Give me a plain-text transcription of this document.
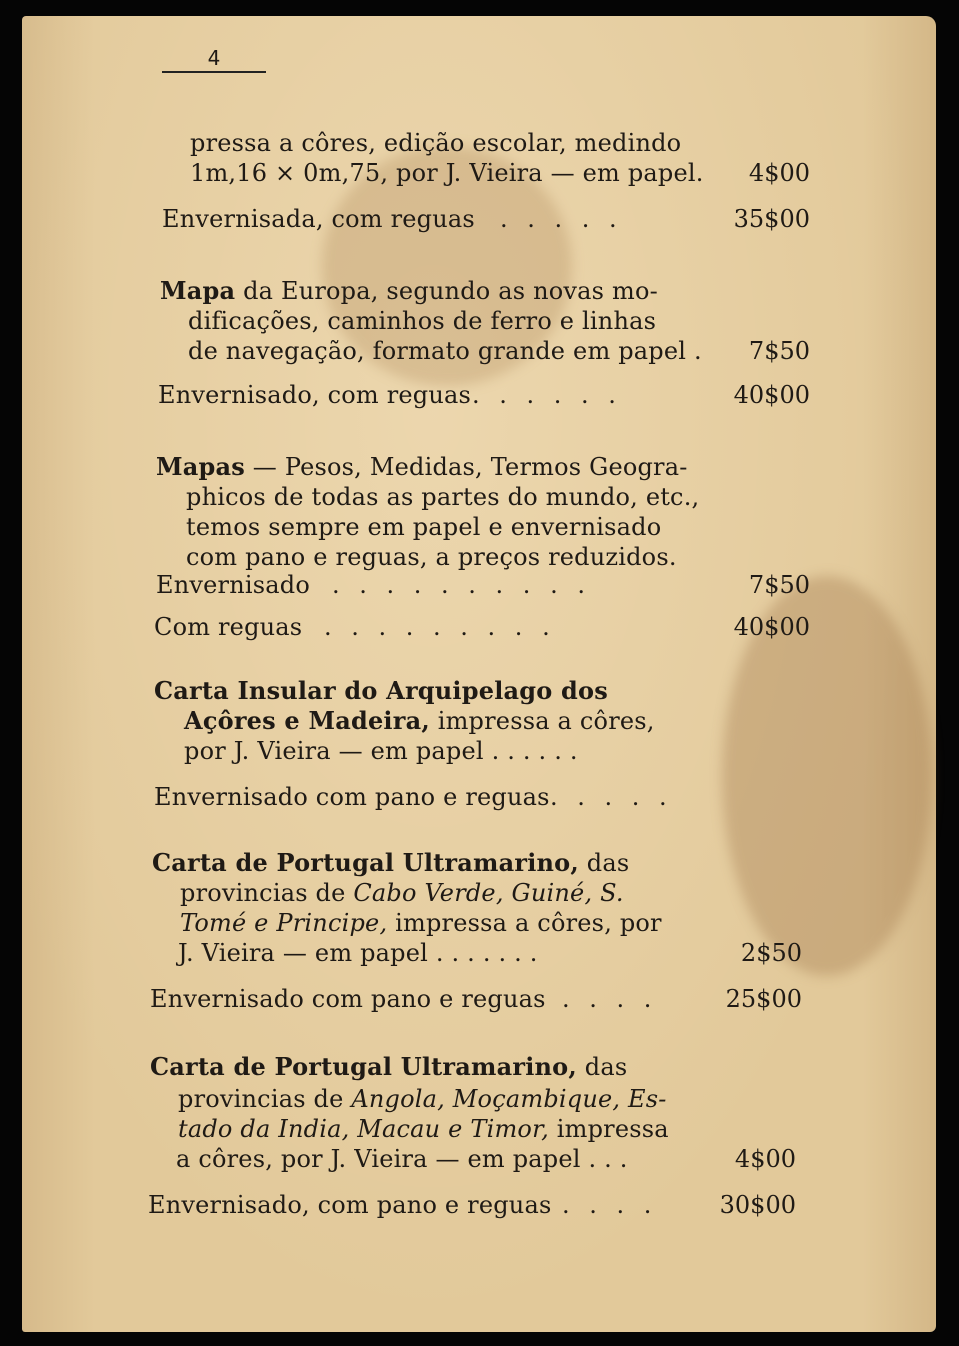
4
pressa a côres, edição escolar, medindo
1m,16 × 0m,75, por J. Vieira — em papel.	4$00
Envernisada, com reguas . . . . .	35$00
Mapa da Europa, segundo as novas mo-
dificações, caminhos de ferro e linhas
de navegação, formato grande em papel .	7$50
Envernisado, com reguas . . . . . .	40$00
Mapas — Pesos, Medidas, Termos Geogra-
phicos de todas as partes do mundo, etc.,
temos sempre em papel e envernisado
com pano e reguas, a preços reduzidos.
Envernisado . . . . . . . . . .	7$50
Com reguas . . . . . . . . .	40$00
Carta Insular do Arquipelago dos
Açôres e Madeira, impressa a côres,
por J. Vieira — em papel . . . . . .
Envernisado com pano e reguas . . . . .
Carta de Portugal Ultramarino, das
provincias de Cabo Verde, Guiné, S.
Tomé e Principe, impressa a côres, por
J. Vieira — em papel . . . . . . .	2$50
Envernisado com pano e reguas . . . .	25$00
Carta de Portugal Ultramarino, das
provincias de Angola, Moçambique, Es-
tado da India, Macau e Timor, impressa
a côres, por J. Vieira — em papel . . .	4$00
Envernisado, com pano e reguas . . . .	30$00
